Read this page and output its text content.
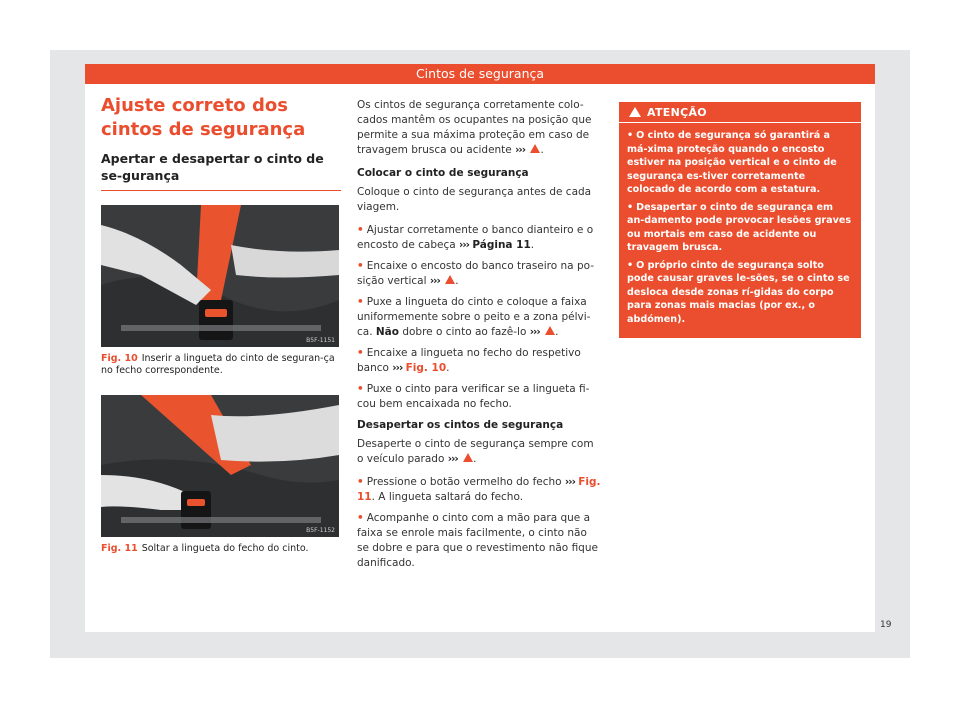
Cintos de segurança
Ajuste correto dos cintos de segurança
Apertar e desapertar o cinto de se-gurança
B5F-1151
Fig. 10 Inserir a lingueta do cinto de seguran-ça no fecho correspondente.
B5F-1152
Fig. 11 Soltar a lingueta do fecho do cinto.

Os cintos de segurança corretamente colo-cados mantêm os ocupantes na posição que permite a sua máxima proteção em caso de travagem brusca ou acidente ››› .

Colocar o cinto de segurança

Coloque o cinto de segurança antes de cada viagem.

• Ajustar corretamente o banco dianteiro e o encosto de cabeça ››› Página 11.
• Encaixe o encosto do banco traseiro na po-sição vertical ››› .
• Puxe a lingueta do cinto e coloque a faixa uniformemente sobre o peito e a zona pélvi-ca. Não dobre o cinto ao fazê-lo ››› .
• Encaixe a lingueta no fecho do respetivo banco ››› Fig. 10.
• Puxe o cinto para verificar se a lingueta fi-cou bem encaixada no fecho.
Desapertar os cintos de segurança

Desaperte o cinto de segurança sempre com o veículo parado ››› .

• Pressione o botão vermelho do fecho ››› Fig. 11. A lingueta saltará do fecho.
• Acompanhe o cinto com a mão para que a faixa se enrole mais facilmente, o cinto não se dobre e para que o revestimento não fique danificado.
ATENÇÃO

• O cinto de segurança só garantirá a má-xima proteção quando o encosto estiver na posição vertical e o cinto de segurança es-tiver corretamente colocado de acordo com a estatura.

• Desapertar o cinto de segurança em an-damento pode provocar lesões graves ou mortais em caso de acidente ou travagem brusca.

• O próprio cinto de segurança solto pode causar graves le-sões, se o cinto se desloca desde zonas rí-gidas do corpo para zonas mais macias (por ex., o abdómen).

19
